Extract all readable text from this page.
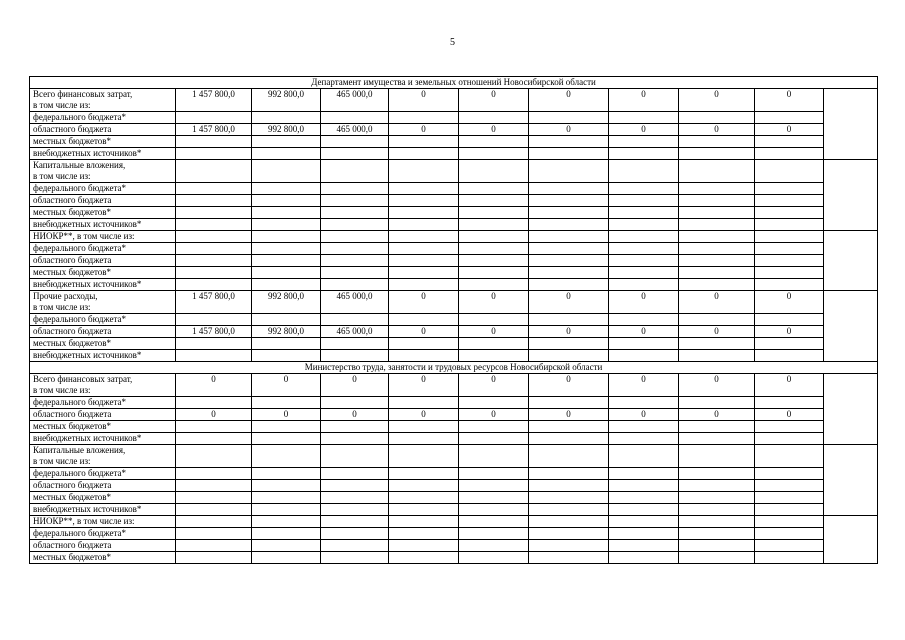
5
Департамент имущества и земельных отношений Новосибирской области										
Всего финансовых затрат,	1 457 800,0	992 800,0	465 000,0	0	0	0	0	0	0	
в том числе из:										
федерального бюджета*										
областного бюджета	1 457 800,0	992 800,0	465 000,0	0	0	0	0	0	0	
местных бюджетов*										
внебюджетных источников*										
Капитальные вложения,										
в том числе из:										
федерального бюджета*										
областного бюджета										
местных бюджетов*										
внебюджетных источников*										
НИОКР**, в том числе из:										
федерального бюджета*										
областного бюджета										
местных бюджетов*										
внебюджетных источников*										
Прочие расходы,	1 457 800,0	992 800,0	465 000,0	0	0	0	0	0	0	
в том числе из:										
федерального бюджета*										
областного бюджета	1 457 800,0	992 800,0	465 000,0	0	0	0	0	0	0	
местных бюджетов*										
внебюджетных источников*										
Министерство труда, занятости и трудовых ресурсов Новосибирской области										
Всего финансовых затрат,	0	0	0	0	0	0	0	0	0	
в том числе из:										
федерального бюджета*										
областного бюджета	0	0	0	0	0	0	0	0	0	
местных бюджетов*										
внебюджетных источников*										
Капитальные вложения,										
в том числе из:										
федерального бюджета*										
областного бюджета										
местных бюджетов*										
внебюджетных источников*										
НИОКР**, в том числе из:										
федерального бюджета*										
областного бюджета										
местных бюджетов*										
